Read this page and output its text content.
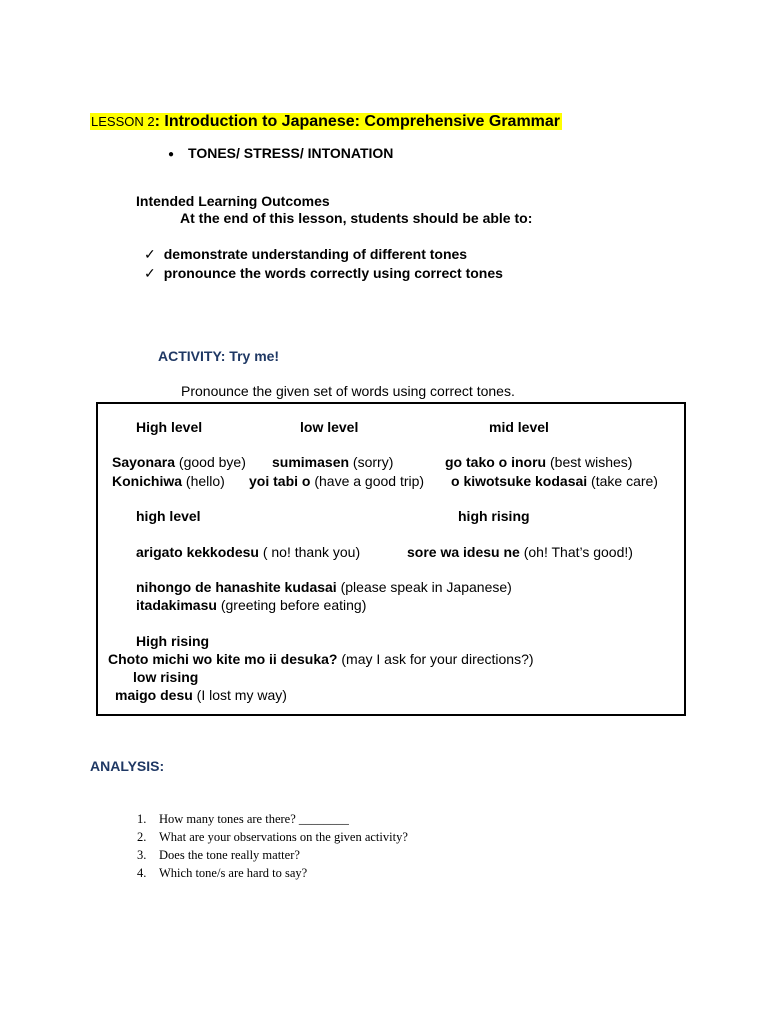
LESSON 2: Introduction to Japanese: Comprehensive Grammar
● TONES/ STRESS/ INTONATION
Intended Learning Outcomes
At the end of this lesson, students should be able to:
✓ demonstrate understanding of different tones
✓ pronounce the words correctly using correct tones
ACTIVITY: Try me!
Pronounce the given set of words using correct tones.
High level	low level	mid level
Sayonara (good bye) sumimasen (sorry)	go tako o inoru (best wishes)
Konichiwa (hello) yoi tabi o (have a good trip) o kiwotsuke kodasai (take care)
high level	high rising
arigato kekkodesu ( no! thank you)	sore wa idesu ne (oh! That’s good!)
nihongo de hanashite kudasai (please speak in Japanese)
itadakimasu (greeting before eating)
High rising
Choto michi wo kite mo ii desuka? (may I ask for your directions?)
low rising
maigo desu (I lost my way)
ANALYSIS:
1. How many tones are there? ________
2. What are your observations on the given activity?
3. Does the tone really matter?
4. Which tone/s are hard to say?
